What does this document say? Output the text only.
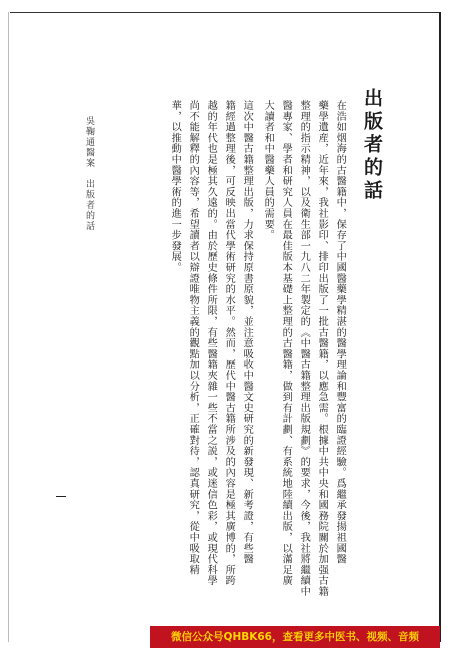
出版者的話
在浩如烟海的古醫籍中，保存了中國醫藥學精湛的醫學理論和豐富的臨證經驗。爲繼承發揚祖國醫
藥學遺産，近年來，我社影印、排印出版了一批古醫籍，以應急需。根據中共中央和國務院關於加强古籍
整理的指示精神，以及衛生部一九八二年製定的《中醫古籍整理出版規劃》的要求，今後，我社將繼續中
醫專家、學者和研究人員在最佳版本基礎上整理的古醫籍，做到有計劃、有系統地陸續出版，以滿足廣
大讀者和中醫藥人員的需要。
這次中醫古籍整理出版，力求保持原書原貌，並注意吸收中醫文史研究的新發現、新考證，有些醫
籍經過整理後，可反映出當代學術研究的水平。然而，歷代中醫古籍所涉及的內容是極其廣博的，所跨
越的年代也是極其久遠的。由於歷史條件所限，有些醫籍夾雜一些不當之説，或迷信色彩，或現代科學
尚不能解釋的內容等，希望讀者以辯證唯物主義的觀點加以分析，正確對待，認真研究，從中吸取精
華，以推動中醫學術的進一步發展。
吳鞠通醫案　出版者的話
微信公众号QHBK66，查看更多中医书、视频、音频
